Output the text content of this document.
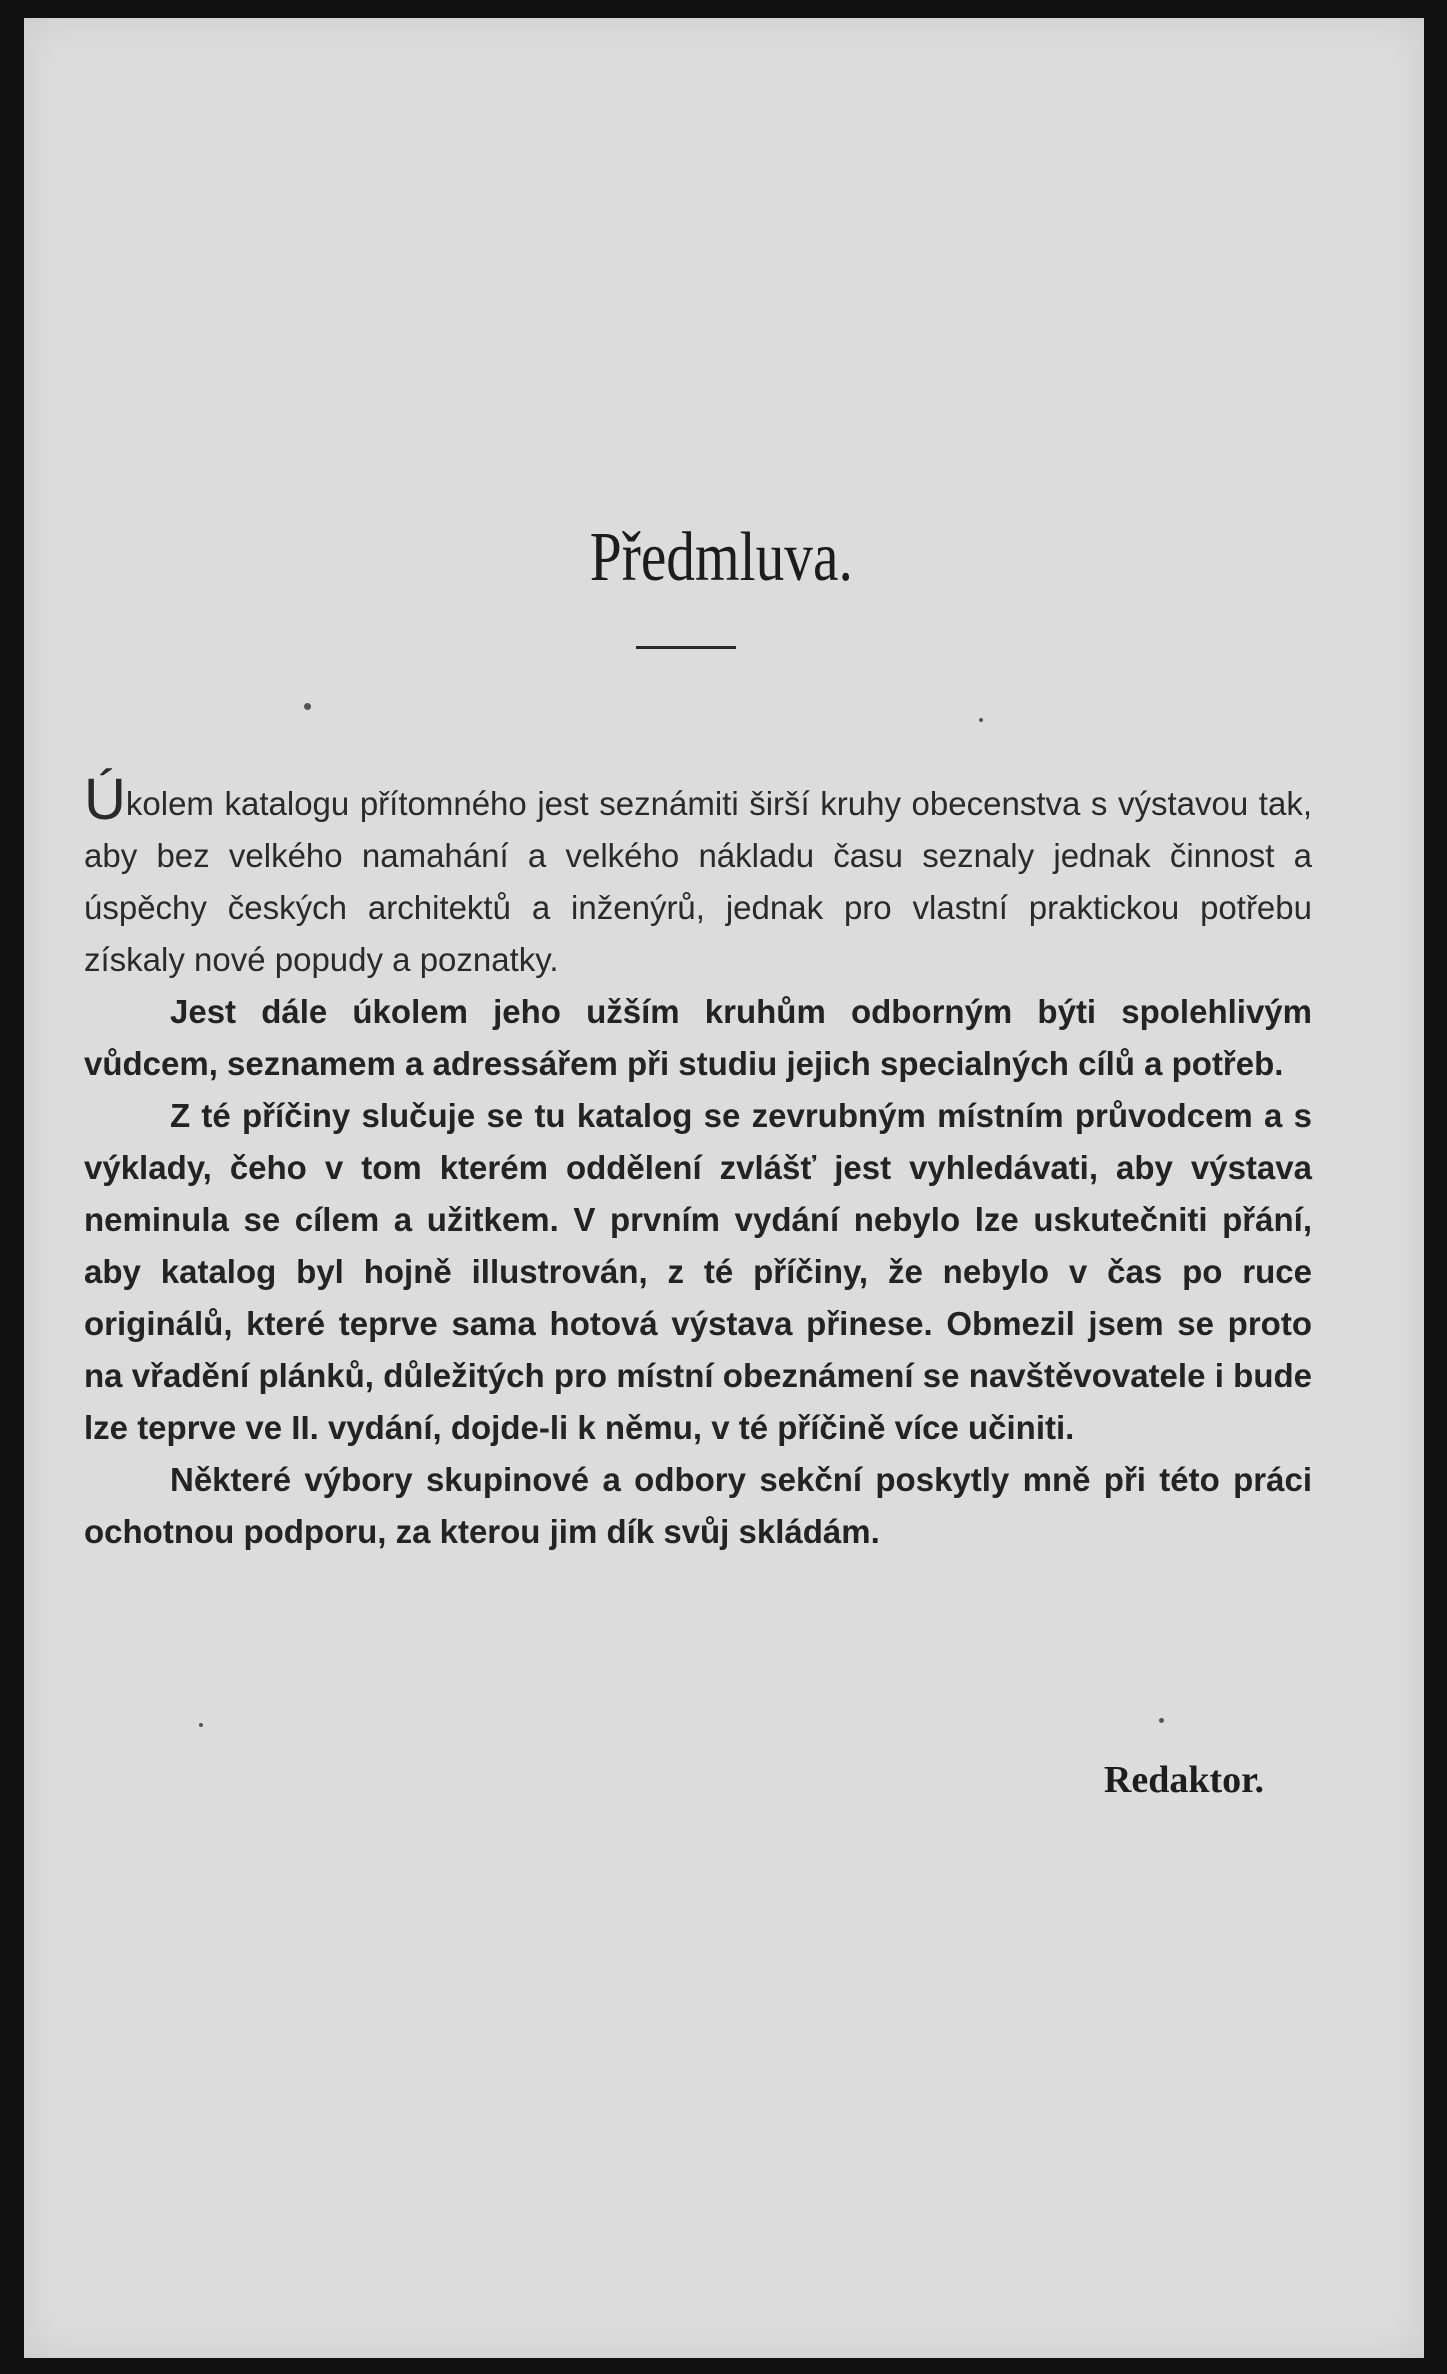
Předmluva.

Úkolem katalogu přítomného jest seznámiti širší kruhy obecenstva s výstavou tak, aby bez velkého namahání a velkého nákladu času seznaly jednak činnost a úspěchy českých architektů a inženýrů, jednak pro vlastní praktickou potřebu získaly nové popudy a poznatky.

Jest dále úkolem jeho užším kruhům odborným býti spolehlivým vůdcem, seznamem a adressářem při studiu jejich specialných cílů a potřeb.

Z té příčiny slučuje se tu katalog se zevrubným místním průvodcem a s výklady, čeho v tom kterém oddělení zvlášť jest vyhledávati, aby výstava neminula se cílem a užitkem. V prvním vydání nebylo lze uskutečniti přání, aby katalog byl hojně illustrován, z té příčiny, že nebylo v čas po ruce originálů, které teprve sama hotová výstava přinese. Obmezil jsem se proto na vřadění plánků, důležitých pro místní obeznámení se navštěvovatele i bude lze teprve ve II. vydání, dojde-li k němu, v té příčině více učiniti.

Některé výbory skupinové a odbory sekční poskytly mně při této práci ochotnou podporu, za kterou jim dík svůj skládám.

Redaktor.
